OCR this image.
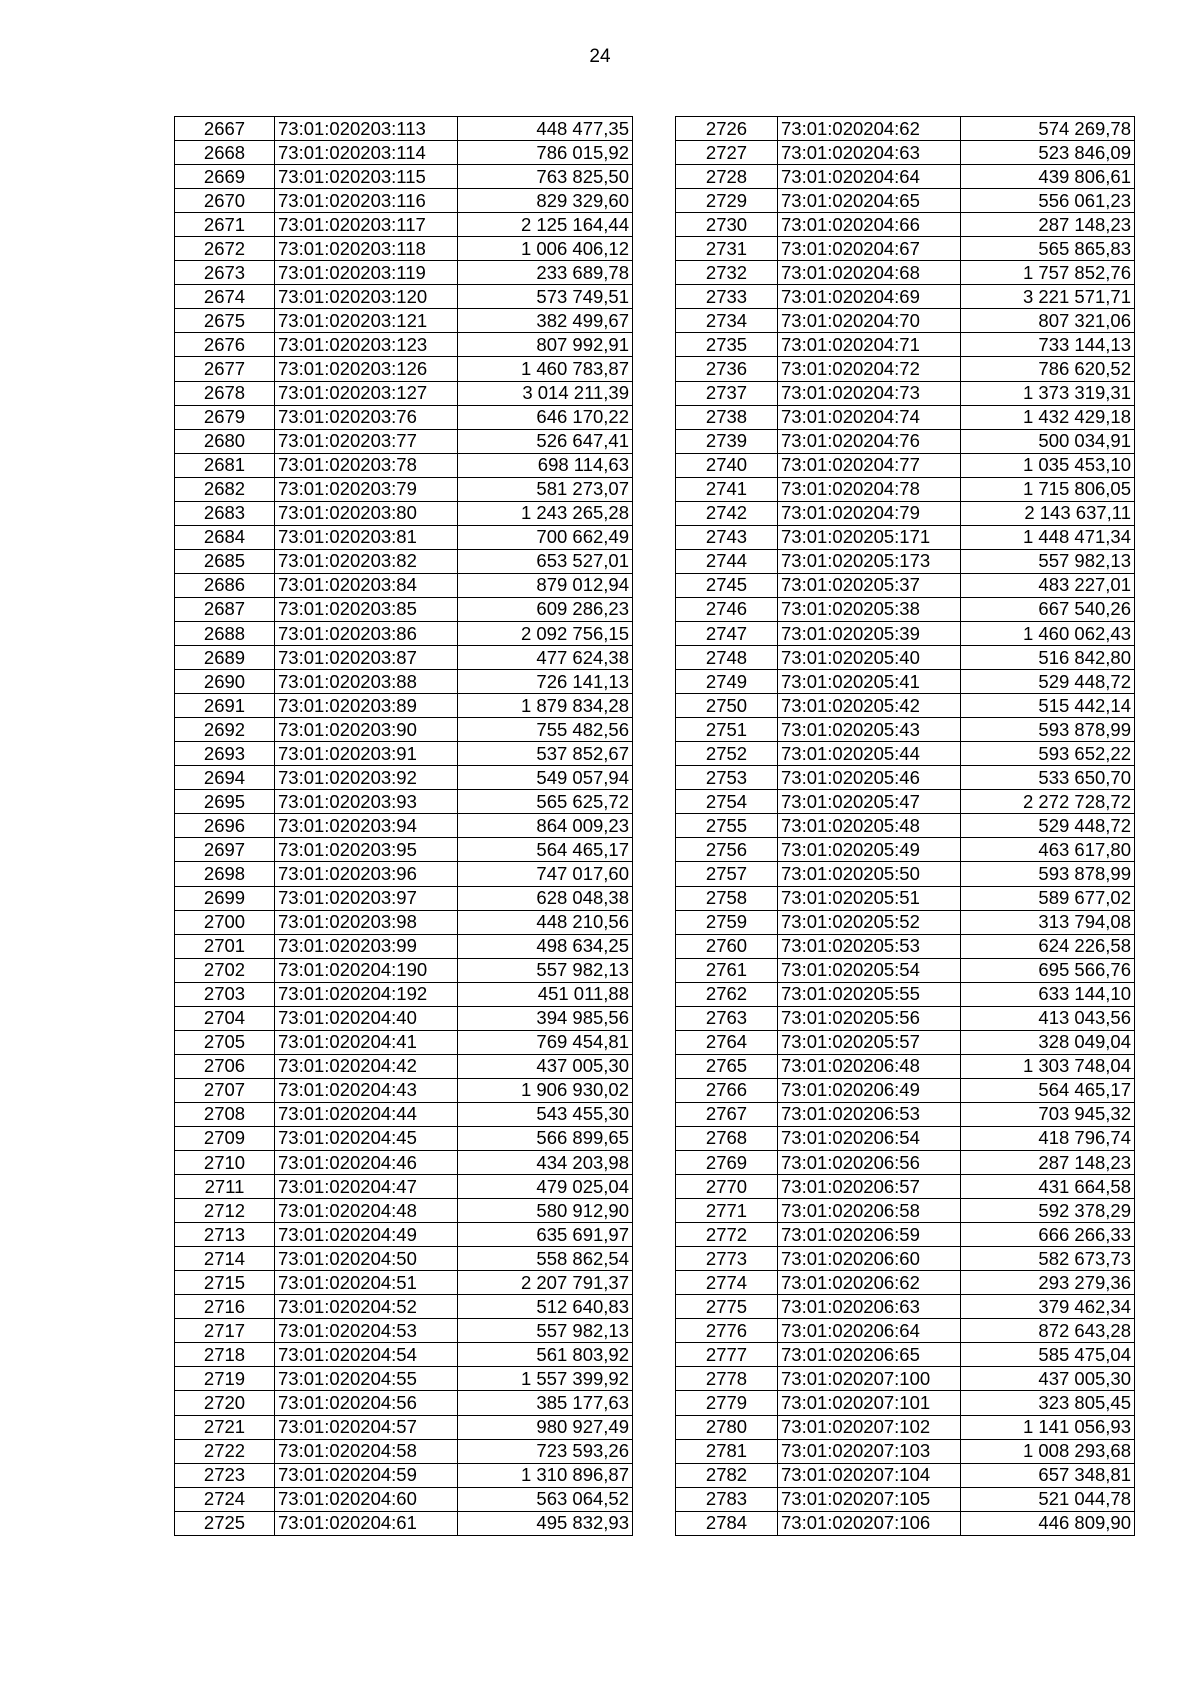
24
2667	73:01:020203:113	448 477,35
2668	73:01:020203:114	786 015,92
2669	73:01:020203:115	763 825,50
2670	73:01:020203:116	829 329,60
2671	73:01:020203:117	2 125 164,44
2672	73:01:020203:118	1 006 406,12
2673	73:01:020203:119	233 689,78
2674	73:01:020203:120	573 749,51
2675	73:01:020203:121	382 499,67
2676	73:01:020203:123	807 992,91
2677	73:01:020203:126	1 460 783,87
2678	73:01:020203:127	3 014 211,39
2679	73:01:020203:76	646 170,22
2680	73:01:020203:77	526 647,41
2681	73:01:020203:78	698 114,63
2682	73:01:020203:79	581 273,07
2683	73:01:020203:80	1 243 265,28
2684	73:01:020203:81	700 662,49
2685	73:01:020203:82	653 527,01
2686	73:01:020203:84	879 012,94
2687	73:01:020203:85	609 286,23
2688	73:01:020203:86	2 092 756,15
2689	73:01:020203:87	477 624,38
2690	73:01:020203:88	726 141,13
2691	73:01:020203:89	1 879 834,28
2692	73:01:020203:90	755 482,56
2693	73:01:020203:91	537 852,67
2694	73:01:020203:92	549 057,94
2695	73:01:020203:93	565 625,72
2696	73:01:020203:94	864 009,23
2697	73:01:020203:95	564 465,17
2698	73:01:020203:96	747 017,60
2699	73:01:020203:97	628 048,38
2700	73:01:020203:98	448 210,56
2701	73:01:020203:99	498 634,25
2702	73:01:020204:190	557 982,13
2703	73:01:020204:192	451 011,88
2704	73:01:020204:40	394 985,56
2705	73:01:020204:41	769 454,81
2706	73:01:020204:42	437 005,30
2707	73:01:020204:43	1 906 930,02
2708	73:01:020204:44	543 455,30
2709	73:01:020204:45	566 899,65
2710	73:01:020204:46	434 203,98
2711	73:01:020204:47	479 025,04
2712	73:01:020204:48	580 912,90
2713	73:01:020204:49	635 691,97
2714	73:01:020204:50	558 862,54
2715	73:01:020204:51	2 207 791,37
2716	73:01:020204:52	512 640,83
2717	73:01:020204:53	557 982,13
2718	73:01:020204:54	561 803,92
2719	73:01:020204:55	1 557 399,92
2720	73:01:020204:56	385 177,63
2721	73:01:020204:57	980 927,49
2722	73:01:020204:58	723 593,26
2723	73:01:020204:59	1 310 896,87
2724	73:01:020204:60	563 064,52
2725	73:01:020204:61	495 832,93
2726	73:01:020204:62	574 269,78
2727	73:01:020204:63	523 846,09
2728	73:01:020204:64	439 806,61
2729	73:01:020204:65	556 061,23
2730	73:01:020204:66	287 148,23
2731	73:01:020204:67	565 865,83
2732	73:01:020204:68	1 757 852,76
2733	73:01:020204:69	3 221 571,71
2734	73:01:020204:70	807 321,06
2735	73:01:020204:71	733 144,13
2736	73:01:020204:72	786 620,52
2737	73:01:020204:73	1 373 319,31
2738	73:01:020204:74	1 432 429,18
2739	73:01:020204:76	500 034,91
2740	73:01:020204:77	1 035 453,10
2741	73:01:020204:78	1 715 806,05
2742	73:01:020204:79	2 143 637,11
2743	73:01:020205:171	1 448 471,34
2744	73:01:020205:173	557 982,13
2745	73:01:020205:37	483 227,01
2746	73:01:020205:38	667 540,26
2747	73:01:020205:39	1 460 062,43
2748	73:01:020205:40	516 842,80
2749	73:01:020205:41	529 448,72
2750	73:01:020205:42	515 442,14
2751	73:01:020205:43	593 878,99
2752	73:01:020205:44	593 652,22
2753	73:01:020205:46	533 650,70
2754	73:01:020205:47	2 272 728,72
2755	73:01:020205:48	529 448,72
2756	73:01:020205:49	463 617,80
2757	73:01:020205:50	593 878,99
2758	73:01:020205:51	589 677,02
2759	73:01:020205:52	313 794,08
2760	73:01:020205:53	624 226,58
2761	73:01:020205:54	695 566,76
2762	73:01:020205:55	633 144,10
2763	73:01:020205:56	413 043,56
2764	73:01:020205:57	328 049,04
2765	73:01:020206:48	1 303 748,04
2766	73:01:020206:49	564 465,17
2767	73:01:020206:53	703 945,32
2768	73:01:020206:54	418 796,74
2769	73:01:020206:56	287 148,23
2770	73:01:020206:57	431 664,58
2771	73:01:020206:58	592 378,29
2772	73:01:020206:59	666 266,33
2773	73:01:020206:60	582 673,73
2774	73:01:020206:62	293 279,36
2775	73:01:020206:63	379 462,34
2776	73:01:020206:64	872 643,28
2777	73:01:020206:65	585 475,04
2778	73:01:020207:100	437 005,30
2779	73:01:020207:101	323 805,45
2780	73:01:020207:102	1 141 056,93
2781	73:01:020207:103	1 008 293,68
2782	73:01:020207:104	657 348,81
2783	73:01:020207:105	521 044,78
2784	73:01:020207:106	446 809,90
